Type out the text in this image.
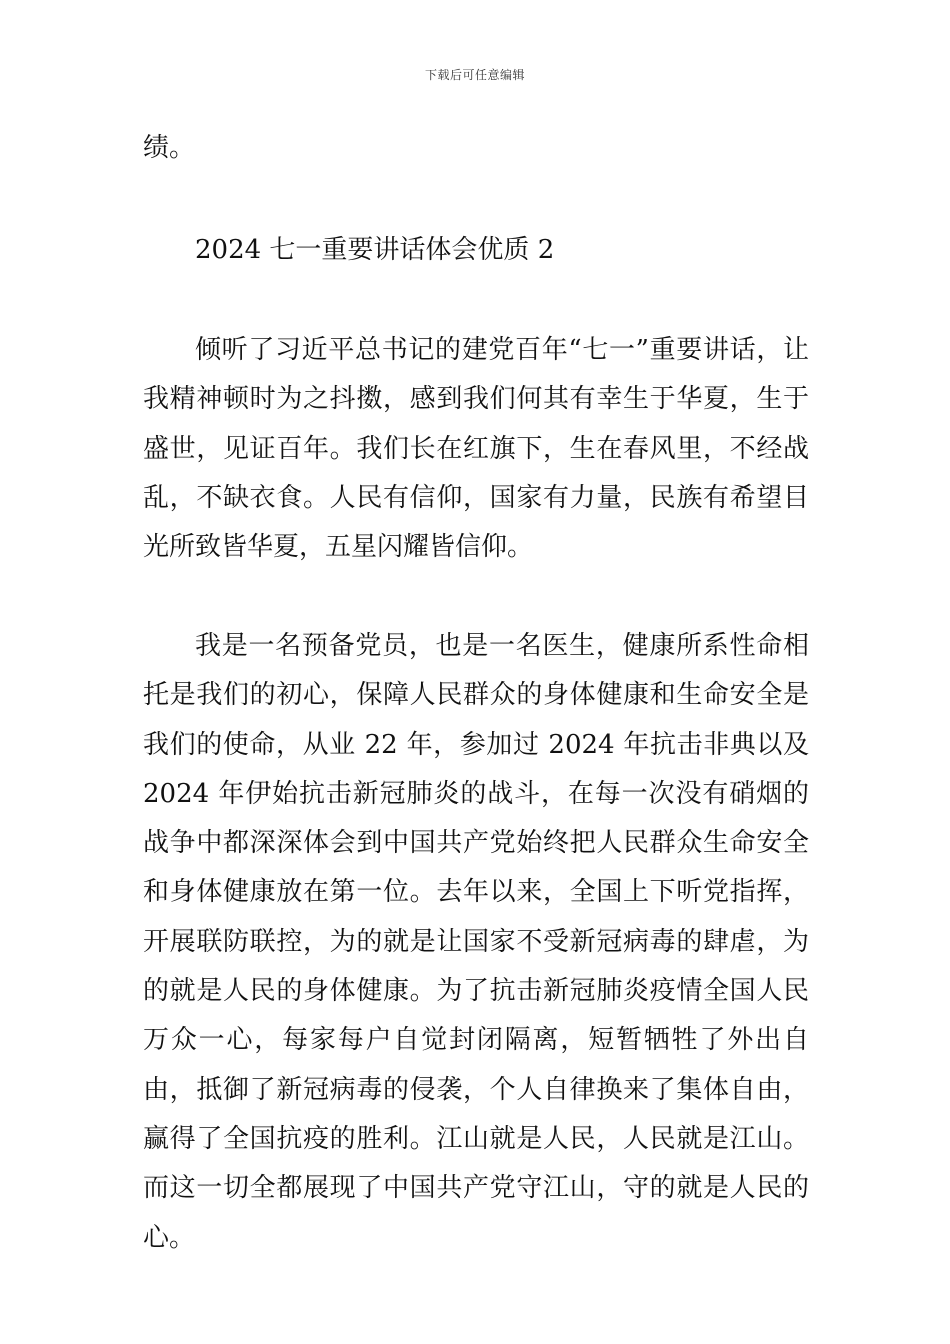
下载后可任意编辑

绩。

2024 七一重要讲话体会优质 2

倾听了习近平总书记的建党百年“七一”重要讲话，让我精神顿时为之抖擞，感到我们何其有幸生于华夏，生于盛世，见证百年。我们长在红旗下，生在春风里，不经战乱，不缺衣食。人民有信仰，国家有力量，民族有希望目光所致皆华夏，五星闪耀皆信仰。

我是一名预备党员，也是一名医生，健康所系性命相托是我们的初心，保障人民群众的身体健康和生命安全是我们的使命，从业 22 年，参加过 2024 年抗击非典以及 2024 年伊始抗击新冠肺炎的战斗，在每一次没有硝烟的战争中都深深体会到中国共产党始终把人民群众生命安全和身体健康放在第一位。去年以来，全国上下听党指挥，开展联防联控，为的就是让国家不受新冠病毒的肆虐，为的就是人民的身体健康。为了抗击新冠肺炎疫情全国人民万众一心，每家每户自觉封闭隔离，短暂牺牲了外出自由，抵御了新冠病毒的侵袭，个人自律换来了集体自由，赢得了全国抗疫的胜利。江山就是人民，人民就是江山。而这一切全都展现了中国共产党守江山，守的就是人民的心。
